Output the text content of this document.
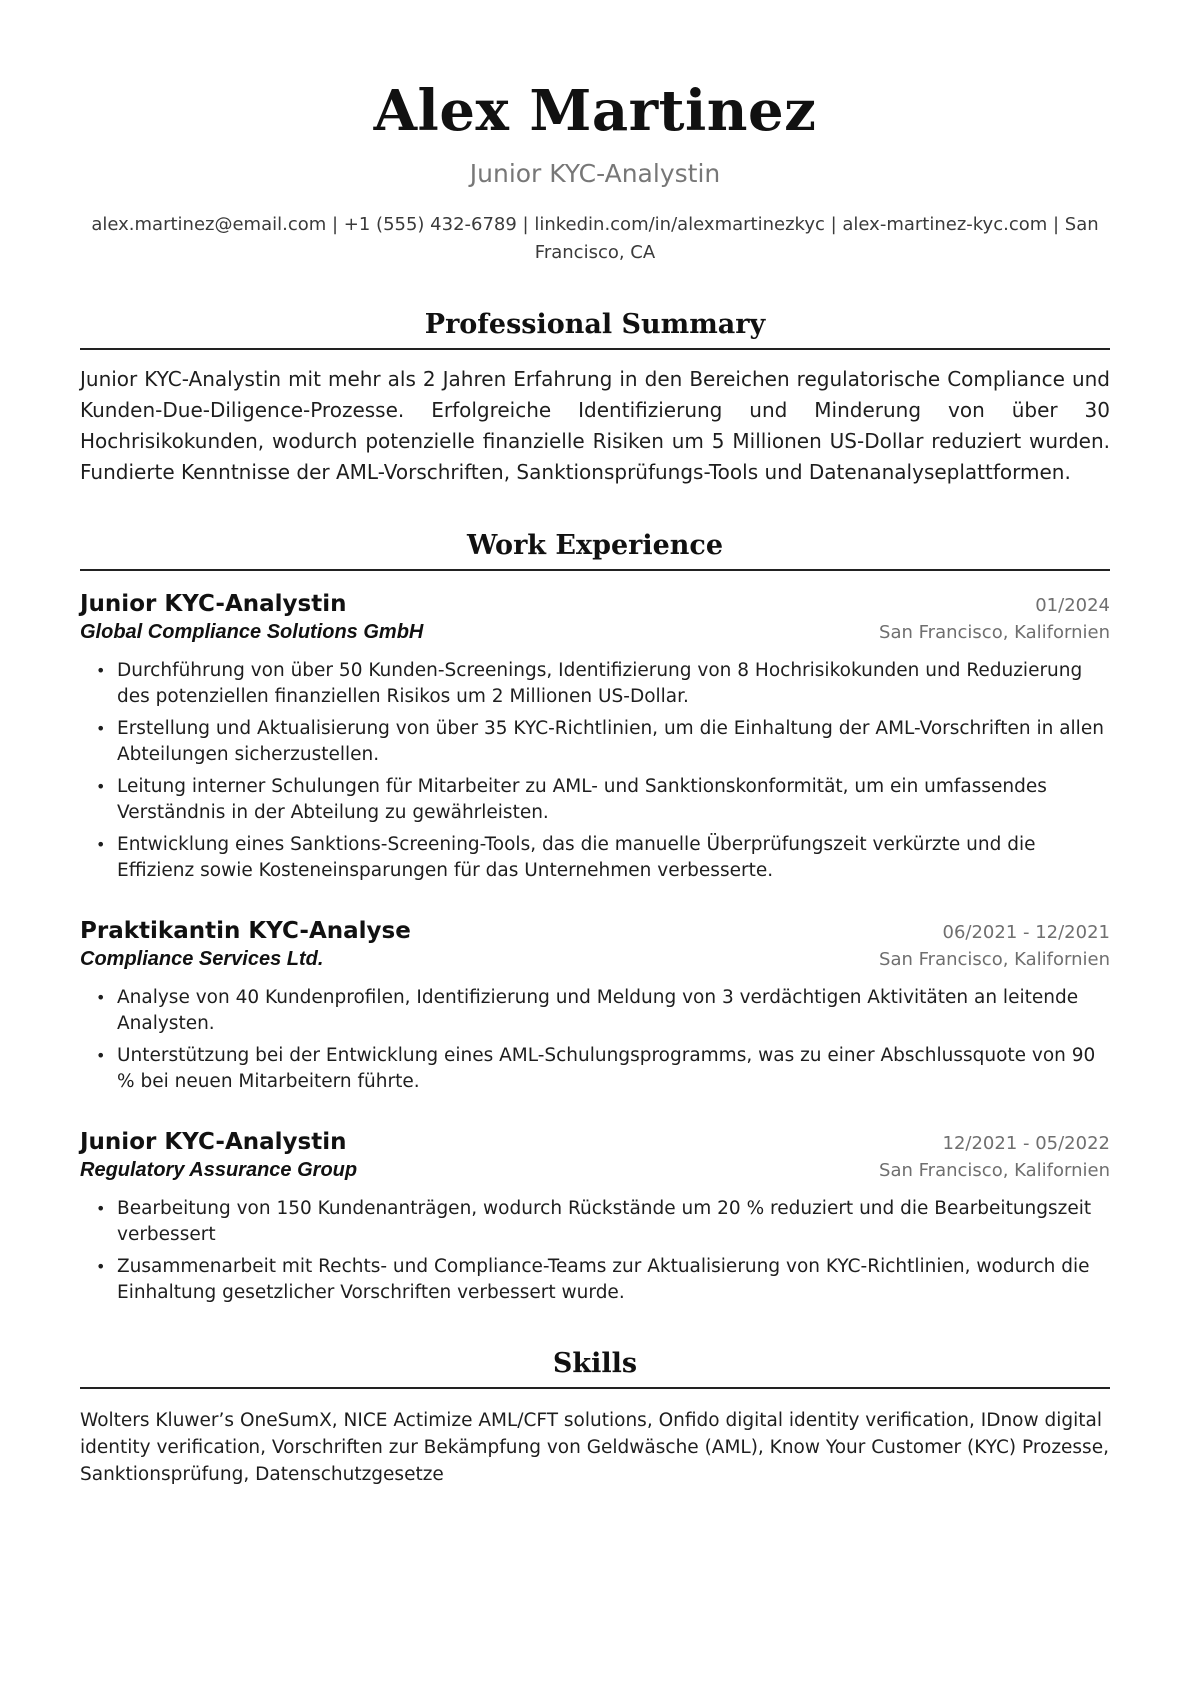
Alex Martinez
Junior KYC-Analystin
alex.martinez@email.com | +1 (555) 432-6789 | linkedin.com/in/alexmartinezkyc | alex-martinez-kyc.com | San Francisco, CA
Professional Summary
Junior KYC-Analystin mit mehr als 2 Jahren Erfahrung in den Bereichen regulatorische Compliance und Kunden-Due-Diligence-Prozesse. Erfolgreiche Identifizierung und Minderung von über 30 Hochrisikokunden, wodurch potenzielle finanzielle Risiken um 5 Millionen US-Dollar reduziert wurden. Fundierte Kenntnisse der AML-Vorschriften, Sanktionsprüfungs-Tools und Datenanalyseplattformen.
Work Experience
Junior KYC-Analystin	01/2024
Global Compliance Solutions GmbH	San Francisco, Kalifornien
• Durchführung von über 50 Kunden-Screenings, Identifizierung von 8 Hochrisikokunden und Reduzierung des potenziellen finanziellen Risikos um 2 Millionen US-Dollar.
• Erstellung und Aktualisierung von über 35 KYC-Richtlinien, um die Einhaltung der AML-Vorschriften in allen Abteilungen sicherzustellen.
• Leitung interner Schulungen für Mitarbeiter zu AML- und Sanktionskonformität, um ein umfassendes Verständnis in der Abteilung zu gewährleisten.
• Entwicklung eines Sanktions-Screening-Tools, das die manuelle Überprüfungszeit verkürzte und die Effizienz sowie Kosteneinsparungen für das Unternehmen verbesserte.
Praktikantin KYC-Analyse	06/2021 - 12/2021
Compliance Services Ltd.	San Francisco, Kalifornien
• Analyse von 40 Kundenprofilen, Identifizierung und Meldung von 3 verdächtigen Aktivitäten an leitende Analysten.
• Unterstützung bei der Entwicklung eines AML-Schulungsprogramms, was zu einer Abschlussquote von 90 % bei neuen Mitarbeitern führte.
Junior KYC-Analystin	12/2021 - 05/2022
Regulatory Assurance Group	San Francisco, Kalifornien
• Bearbeitung von 150 Kundenanträgen, wodurch Rückstände um 20 % reduziert und die Bearbeitungszeit verbessert
• Zusammenarbeit mit Rechts- und Compliance-Teams zur Aktualisierung von KYC-Richtlinien, wodurch die Einhaltung gesetzlicher Vorschriften verbessert wurde.
Skills
Wolters Kluwer’s OneSumX, NICE Actimize AML/CFT solutions, Onfido digital identity verification, IDnow digital identity verification, Vorschriften zur Bekämpfung von Geldwäsche (AML), Know Your Customer (KYC) Prozesse, Sanktionsprüfung, Datenschutzgesetze
